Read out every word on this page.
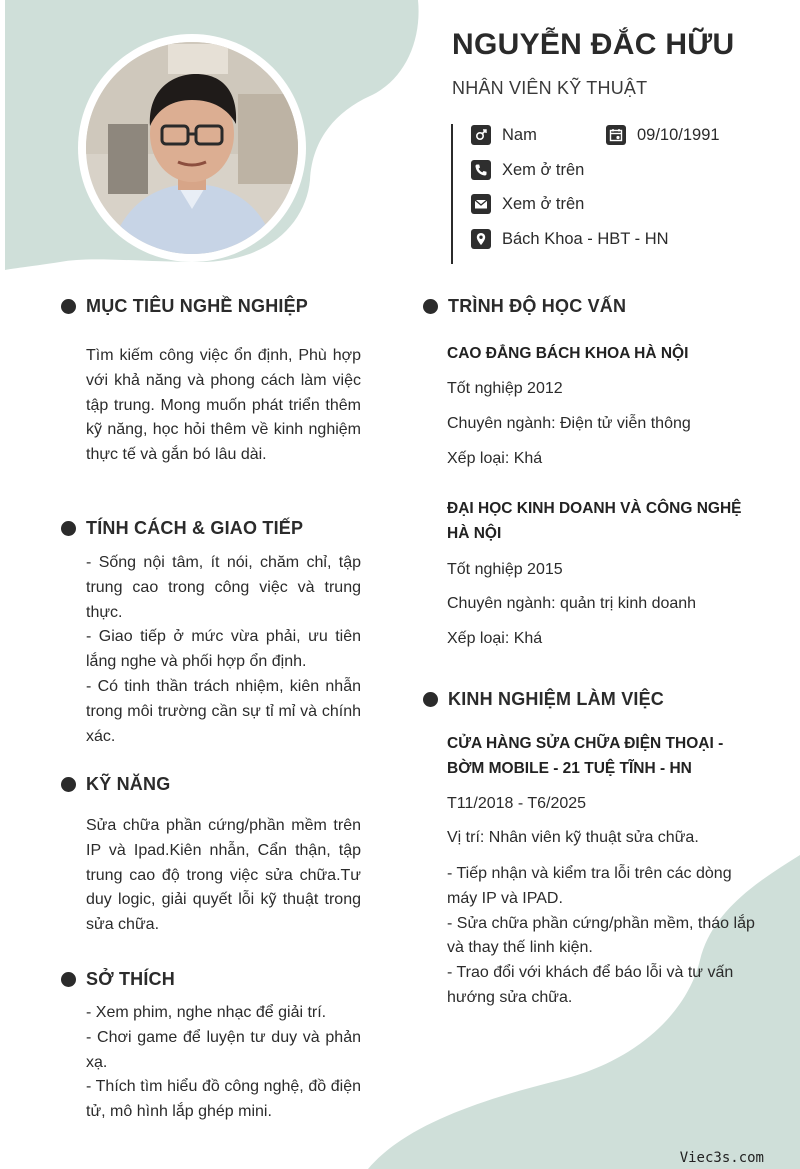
NGUYỄN ĐẮC HỮU
NHÂN VIÊN KỸ THUẬT
Nam	09/10/1991
Xem ở trên
Xem ở trên
Bách Khoa - HBT - HN
MỤC TIÊU NGHỀ NGHIỆP
Tìm kiếm công việc ổn định, Phù hợp với khả năng và phong cách làm việc tập trung. Mong muốn phát triển thêm kỹ năng, học hỏi thêm về kinh nghiệm thực tế và gắn bó lâu dài.
TÍNH CÁCH & GIAO TIẾP

- Sống nội tâm, ít nói, chăm chỉ, tập trung cao trong công việc và trung thực.

- Giao tiếp ở mức vừa phải, ưu tiên lắng nghe và phối hợp ổn định.

- Có tinh thần trách nhiệm, kiên nhẫn trong môi trường cần sự tỉ mỉ và chính xác.

KỸ NĂNG
Sửa chữa phần cứng/phần mềm trên IP và Ipad.Kiên nhẫn, Cẩn thận, tập trung cao độ trong việc sửa chữa.Tư duy logic, giải quyết lỗi kỹ thuật trong sửa chữa.
SỞ THÍCH

- Xem phim, nghe nhạc để giải trí.

- Chơi game để luyện tư duy và phản xạ.

- Thích tìm hiểu đồ công nghệ, đồ điện tử, mô hình lắp ghép mini.

TRÌNH ĐỘ HỌC VẤN
CAO ĐẲNG BÁCH KHOA HÀ NỘI
Tốt nghiệp 2012
Chuyên ngành: Điện tử viễn thông
Xếp loại: Khá
ĐẠI HỌC KINH DOANH VÀ CÔNG NGHỆ HÀ NỘI
Tốt nghiệp 2015
Chuyên ngành: quản trị kinh doanh
Xếp loại: Khá
KINH NGHIỆM LÀM VIỆC
CỬA HÀNG SỬA CHỮA ĐIỆN THOẠI - BỜM MOBILE - 21 TUỆ TĨNH - HN
T11/2018 - T6/2025
Vị trí: Nhân viên kỹ thuật sửa chữa.

- Tiếp nhận và kiểm tra lỗi trên các dòng máy IP và IPAD.

- Sửa chữa phần cứng/phần mềm, tháo lắp và thay thế linh kiện.

- Trao đổi với khách để báo lỗi và tư vấn hướng sửa chữa.

Viec3s.com
